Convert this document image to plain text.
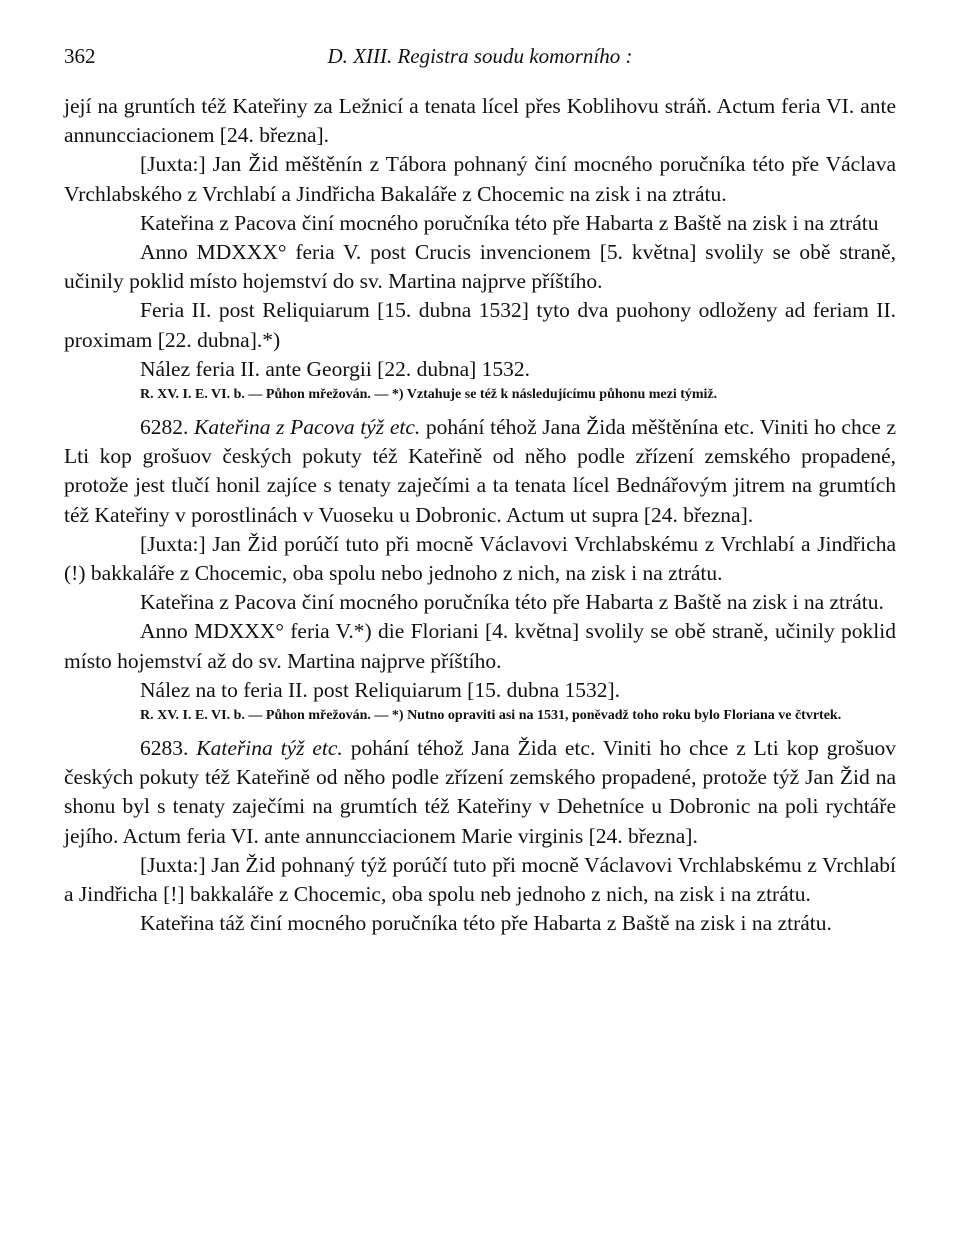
362	D. XIII. Registra soudu komorního :
její na gruntích též Kateřiny za Ležnicí a tenata lícel přes Koblihovu stráň. Actum feria VI. ante annuncciacionem [24. března].
[Juxta:] Jan Žid měštěnín z Tábora pohnaný činí mocného poručníka této pře Václava Vrchlabského z Vrchlabí a Jindřicha Bakaláře z Chocemic na zisk i na ztrátu.
Kateřina z Pacova činí mocného poručníka této pře Habarta z Baště na zisk i na ztrátu
Anno MDXXX° feria V. post Crucis invencionem [5. května] svolily se obě straně, učinily poklid místo hojemství do sv. Martina najprve příštího.
Feria II. post Reliquiarum [15. dubna 1532] tyto dva puohony odloženy ad feriam II. proximam [22. dubna].*)
Nález feria II. ante Georgii [22. dubna] 1532.
R. XV. I. E. VI. b. — Půhon mřežován. — *) Vztahuje se též k následujícímu půhonu mezi týmiž.
6282. Kateřina z Pacova týž etc. pohání téhož Jana Žida měštěnína etc. Viniti ho chce z Lti kop grošuov českých pokuty též Kateřině od něho podle zřízení zemského propadené, protože jest tlučí honil zajíce s tenaty zaječími a ta tenata lícel Bednářovým jitrem na grumtích též Kateřiny v porostlinách v Vuoseku u Dobronic. Actum ut supra [24. března].
[Juxta:] Jan Žid porúčí tuto při mocně Václavovi Vrchlabskému z Vrchlabí a Jindřicha (!) bakkaláře z Chocemic, oba spolu nebo jednoho z nich, na zisk i na ztrátu.
Kateřina z Pacova činí mocného poručníka této pře Habarta z Baště na zisk i na ztrátu.
Anno MDXXX° feria V.*) die Floriani [4. května] svolily se obě straně, učinily poklid místo hojemství až do sv. Martina najprve příštího.
Nález na to feria II. post Reliquiarum [15. dubna 1532].
R. XV. I. E. VI. b. — Půhon mřežován. — *) Nutno opraviti asi na 1531, poněvadž toho roku bylo Floriana ve čtvrtek.
6283. Kateřina týž etc. pohání téhož Jana Žida etc. Viniti ho chce z Lti kop grošuov českých pokuty též Kateřině od něho podle zřízení zemského propadené, protože týž Jan Žid na shonu byl s tenaty zaječími na grumtích též Kateřiny v Dehetníce u Dobronic na poli rychtáře jejího. Actum feria VI. ante annuncciacionem Marie virginis [24. března].
[Juxta:] Jan Žid pohnaný týž porúčí tuto při mocně Václavovi Vrchlabskému z Vrchlabí a Jindřicha [!] bakkaláře z Chocemic, oba spolu neb jednoho z nich, na zisk i na ztrátu.
Kateřina táž činí mocného poručníka této pře Habarta z Baště na zisk i na ztrátu.
